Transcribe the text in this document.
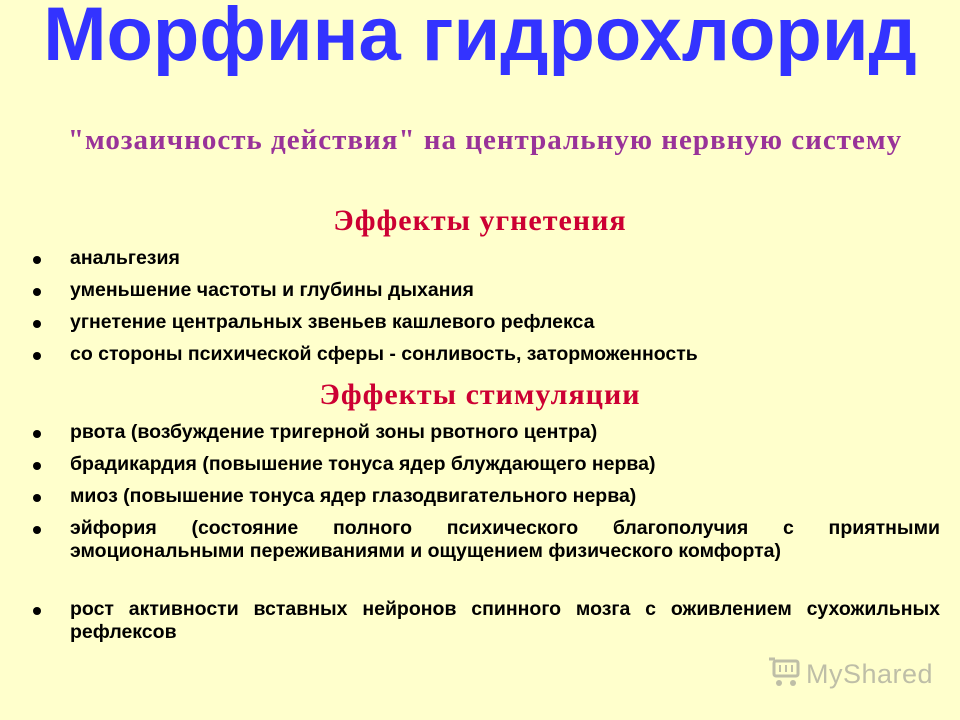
"мозаичность действия" на центральную нервную систему
Морфина гидрохлорид
Эффекты угнетения
анальгезия
уменьшение частоты и глубины дыхания
угнетение центральных звеньев кашлевого рефлекса
со стороны психической сферы - сонливость, заторможенность
Эффекты стимуляции
рвота (возбуждение тригерной зоны рвотного центра)
брадикардия (повышение тонуса ядер блуждающего нерва)
миоз (повышение тонуса ядер глазодвигательного нерва)
эйфория (состояние полного психического благополучия с приятными эмоциональными переживаниями и ощущением физического комфорта)
рост активности вставных нейронов спинного мозга с оживлением сухожильных рефлексов
MyShared
